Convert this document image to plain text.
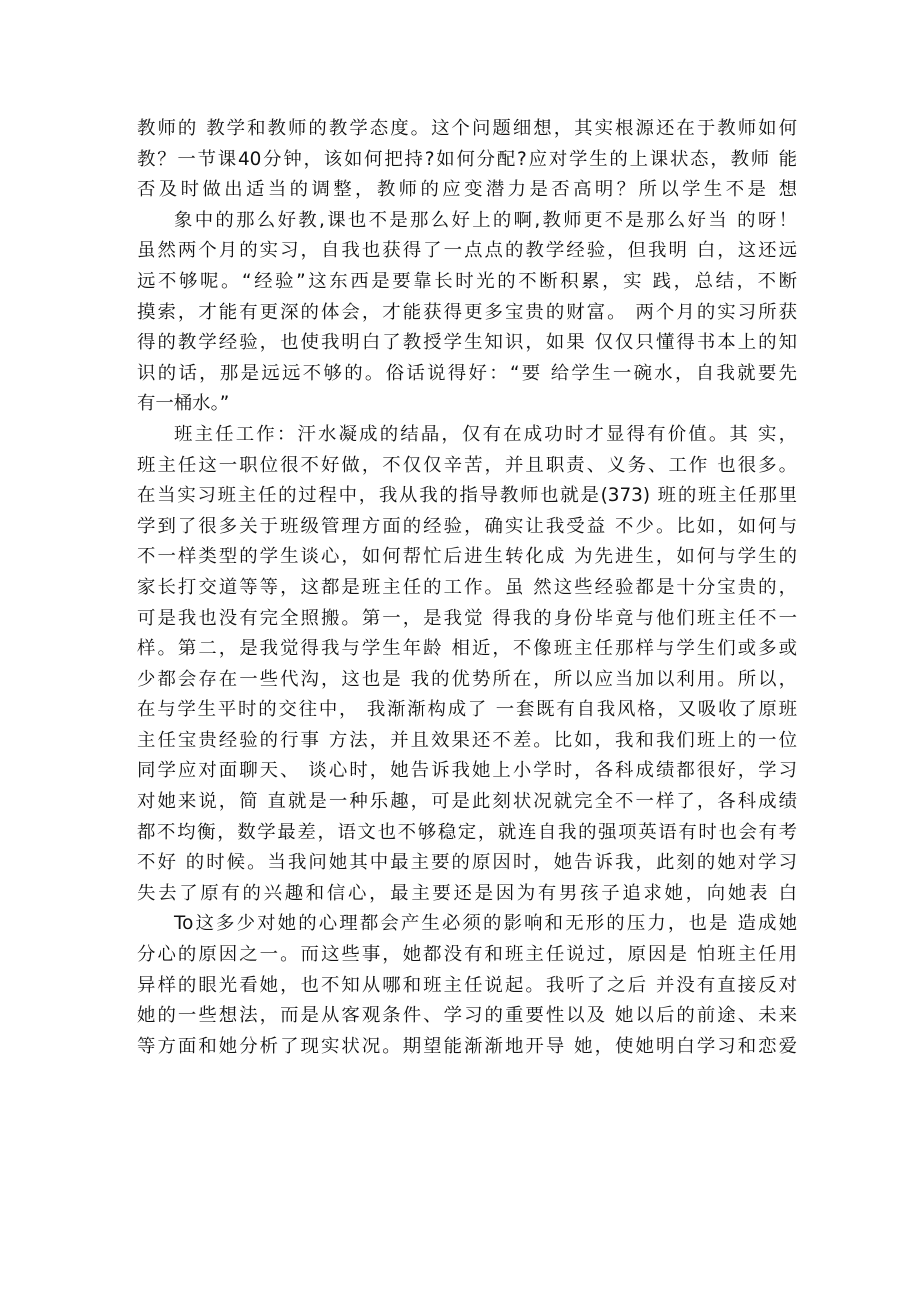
教师的 教学和教师的教学态度。这个问题细想，其实根源还在于教师如何
教？一节课40分钟，该如何把持?如何分配?应对学生的上课状态，教师 能
否及时做出适当的调整，教师的应变潜力是否高明？所以学生不是 想
象中的那么好教,课也不是那么好上的啊,教师更不是那么好当 的呀！
虽然两个月的实习，自我也获得了一点点的教学经验，但我明 白，这还远
远不够呢。“经验”这东西是要靠长时光的不断积累，实 践，总结，不断
摸索，才能有更深的体会，才能获得更多宝贵的财富。 两个月的实习所获
得的教学经验，也使我明白了教授学生知识，如果 仅仅只懂得书本上的知
识的话，那是远远不够的。俗话说得好：“要 给学生一碗水，自我就要先
有一桶水。”
班主任工作：汗水凝成的结晶，仅有在成功时才显得有价值。其 实，
班主任这一职位很不好做，不仅仅辛苦，并且职责、义务、工作 也很多。
在当实习班主任的过程中，我从我的指导教师也就是(373) 班的班主任那里
学到了很多关于班级管理方面的经验，确实让我受益 不少。比如，如何与
不一样类型的学生谈心，如何帮忙后进生转化成 为先进生，如何与学生的
家长打交道等等，这都是班主任的工作。虽 然这些经验都是十分宝贵的，
可是我也没有完全照搬。第一，是我觉 得我的身份毕竟与他们班主任不一
样。第二，是我觉得我与学生年龄 相近，不像班主任那样与学生们或多或
少都会存在一些代沟，这也是 我的优势所在，所以应当加以利用。所以，
在与学生平时的交往中， 我渐渐构成了 一套既有自我风格，又吸收了原班
主任宝贵经验的行事 方法，并且效果还不差。比如，我和我们班上的一位
同学应对面聊天、 谈心时，她告诉我她上小学时，各科成绩都很好，学习
对她来说，简 直就是一种乐趣，可是此刻状况就完全不一样了，各科成绩
都不均衡，数学最差，语文也不够稳定，就连自我的强项英语有时也会有考
不好 的时候。当我问她其中最主要的原因时，她告诉我，此刻的她对学习
失去了原有的兴趣和信心，最主要还是因为有男孩子追求她，向她表 白
To这多少对她的心理都会产生必须的影响和无形的压力，也是 造成她
分心的原因之一。而这些事，她都没有和班主任说过，原因是 怕班主任用
异样的眼光看她，也不知从哪和班主任说起。我听了之后 并没有直接反对
她的一些想法，而是从客观条件、学习的重要性以及 她以后的前途、未来
等方面和她分析了现实状况。期望能渐渐地开导 她，使她明白学习和恋爱
